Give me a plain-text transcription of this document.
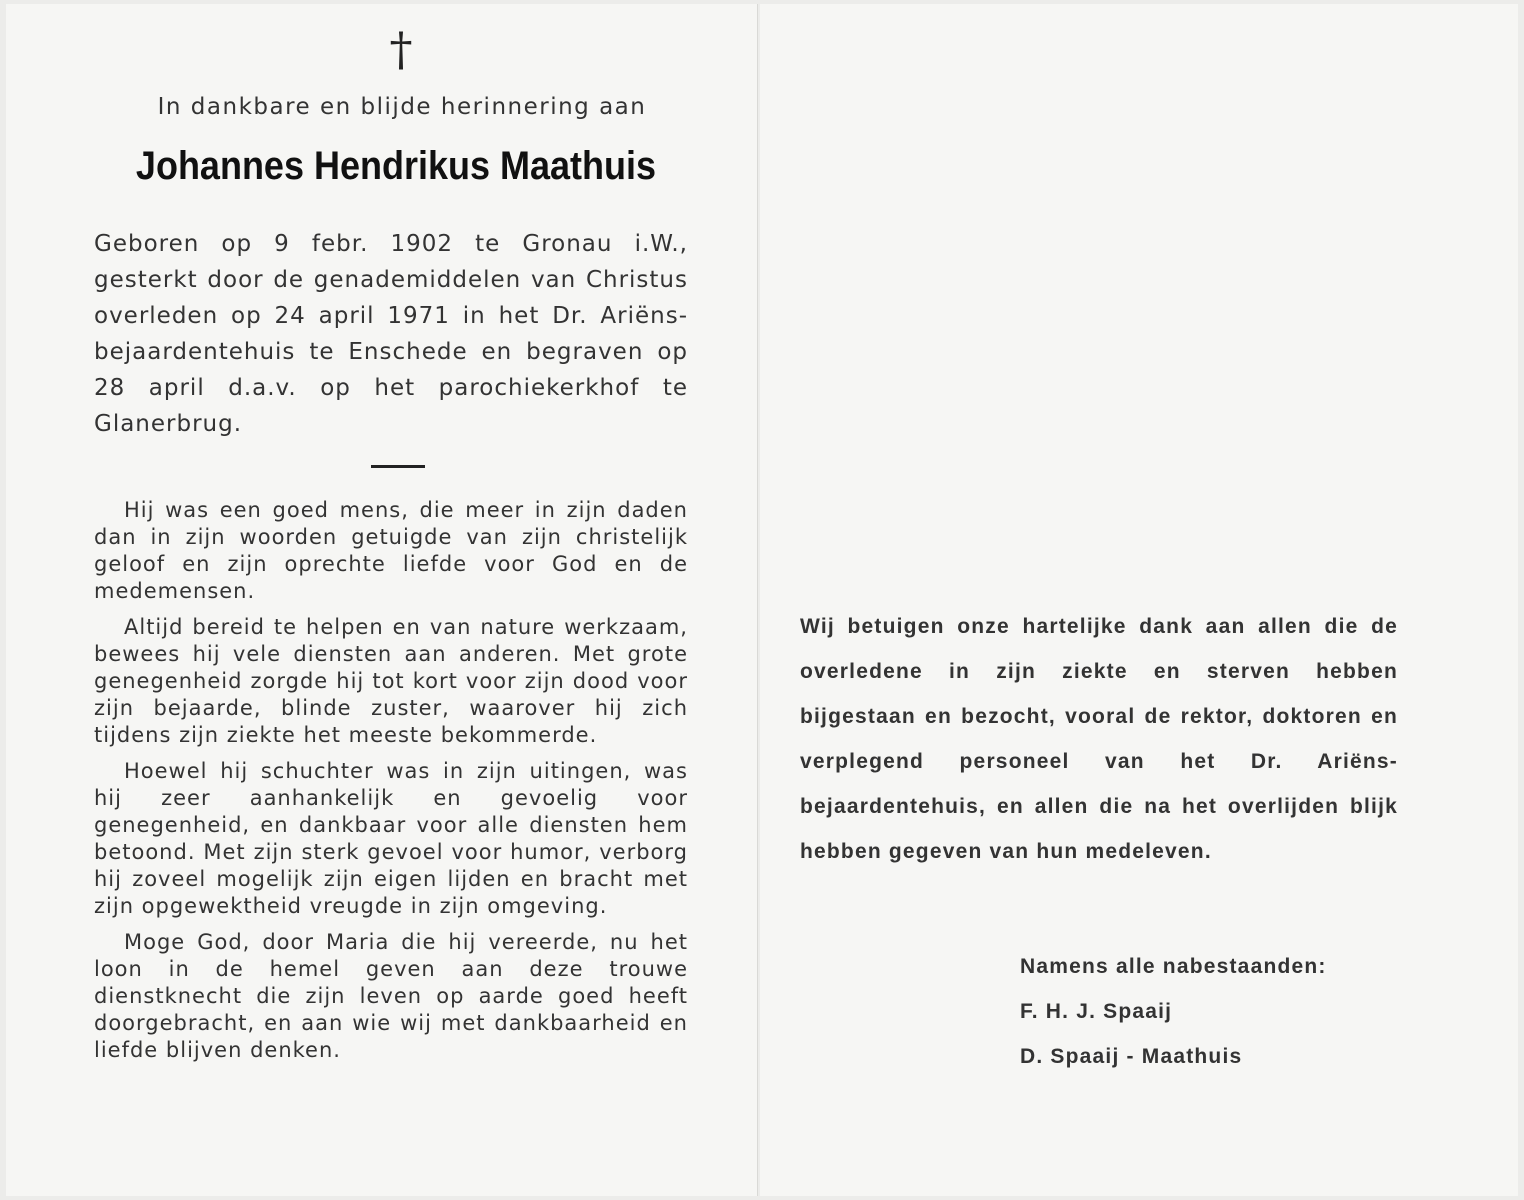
†
In dankbare en blijde herinnering aan
Johannes Hendrikus Maathuis

Geboren op 9 febr. 1902 te Gronau i.W., gesterkt door de genademiddelen van Christus overleden op 24 april 1971 in het Dr. Ariëns-bejaardentehuis te Enschede en begraven op 28 april d.a.v. op het parochiekerkhof te Glanerbrug.

Hij was een goed mens, die meer in zijn daden dan in zijn woorden getuigde van zijn christelijk geloof en zijn oprechte liefde voor God en de medemensen.

Altijd bereid te helpen en van nature werkzaam, bewees hij vele diensten aan anderen. Met grote genegenheid zorgde hij tot kort voor zijn dood voor zijn bejaarde, blinde zuster, waarover hij zich tijdens zijn ziekte het meeste bekommerde.

Hoewel hij schuchter was in zijn uitingen, was hij zeer aanhankelijk en gevoelig voor genegenheid, en dankbaar voor alle diensten hem betoond. Met zijn sterk gevoel voor humor, verborg hij zoveel mogelijk zijn eigen lijden en bracht met zijn opgewektheid vreugde in zijn omgeving.

Moge God, door Maria die hij vereerde, nu het loon in de hemel geven aan deze trouwe dienstknecht die zijn leven op aarde goed heeft doorgebracht, en aan wie wij met dankbaarheid en liefde blijven denken.

Wij betuigen onze hartelijke dank aan allen die de overledene in zijn ziekte en sterven hebben bijgestaan en bezocht, vooral de rektor, doktoren en verplegend personeel van het Dr. Ariëns-bejaardentehuis, en allen die na het overlijden blijk hebben gegeven van hun medeleven.

Namens alle nabestaanden:
F. H. J. Spaaij
D. Spaaij - Maathuis
